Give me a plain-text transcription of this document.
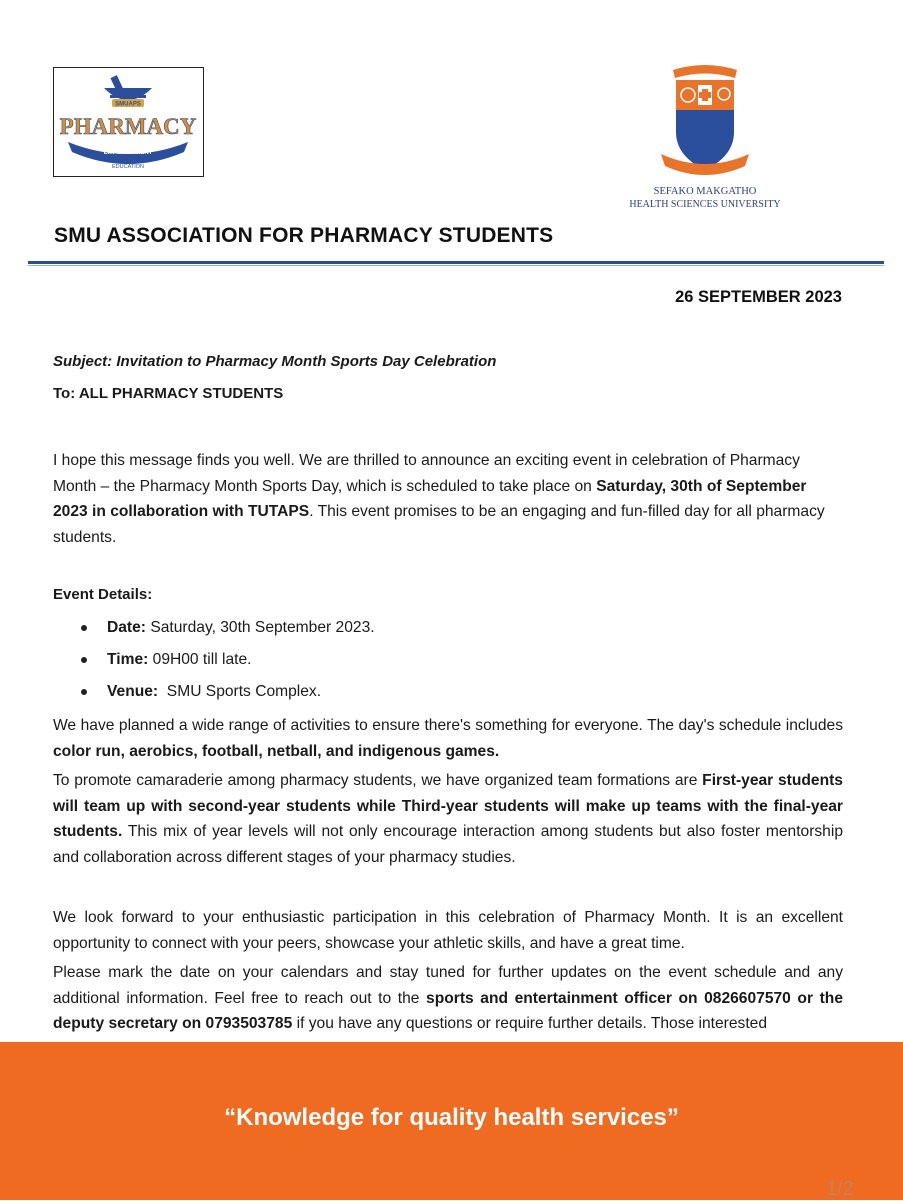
SMUAPS
PHARMACY
EMPOWERMENT
EDUCATION
SEFAKO MAKGATHO
HEALTH SCIENCES UNIVERSITY
SMU ASSOCIATION FOR PHARMACY STUDENTS
26 SEPTEMBER 2023
Subject: Invitation to Pharmacy Month Sports Day Celebration
To: ALL PHARMACY STUDENTS

I hope this message finds you well. We are thrilled to announce an exciting event in celebration of Pharmacy Month – the Pharmacy Month Sports Day, which is scheduled to take place on Saturday, 30th of September 2023 in collaboration with TUTAPS. This event promises to be an engaging and fun-filled day for all pharmacy students.

Event Details:
Date: Saturday, 30th September 2023.
Time: 09H00 till late.
Venue:  SMU Sports Complex.

We have planned a wide range of activities to ensure there's something for everyone. The day's schedule includes color run, aerobics, football, netball, and indigenous games.

To promote camaraderie among pharmacy students, we have organized team formations are First-year students will team up with second-year students while Third-year students will make up teams with the final-year students. This mix of year levels will not only encourage interaction among students but also foster mentorship and collaboration across different stages of your pharmacy studies.

We look forward to your enthusiastic participation in this celebration of Pharmacy Month. It is an excellent opportunity to connect with your peers, showcase your athletic skills, and have a great time.

Please mark the date on your calendars and stay tuned for further updates on the event schedule and any additional information. Feel free to reach out to the sports and entertainment officer on 0826607570 or the deputy secretary on 0793503785 if you have any questions or require further details. Those interested

“Knowledge for quality health services”
1/2
